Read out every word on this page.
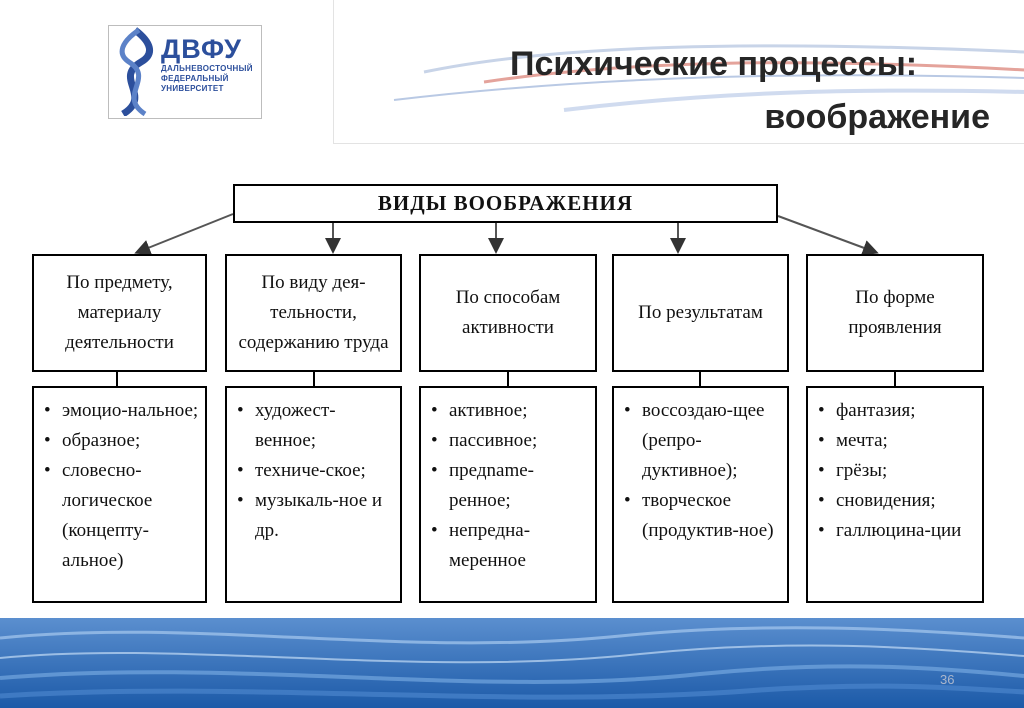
ДВФУ
ДАЛЬНЕВОСТОЧНЫЙ
ФЕДЕРАЛЬНЫЙ
УНИВЕРСИТЕТ
Психические процессы:
воображение
ВИДЫ ВООБРАЖЕНИЯ
По предмету, материалу деятельности
По виду дея-тельности, содержанию труда
По способам активности
По результатам
По форме проявления
• эмоцио-нальное;
• образное;
• словесно-логическое (концепту-альное)
• художест-венное;
• техниче-ское;
• музыкаль-ное и др.
• активное;
• пассивное;
• предname-ренное;
• непредна-меренное
• воссоздаю-щее (репро-дуктивное);
• творческое (продуктив-ное)
• фантазия;
• мечта;
• грёзы;
• сновидения;
• галлюцина-ции
36
